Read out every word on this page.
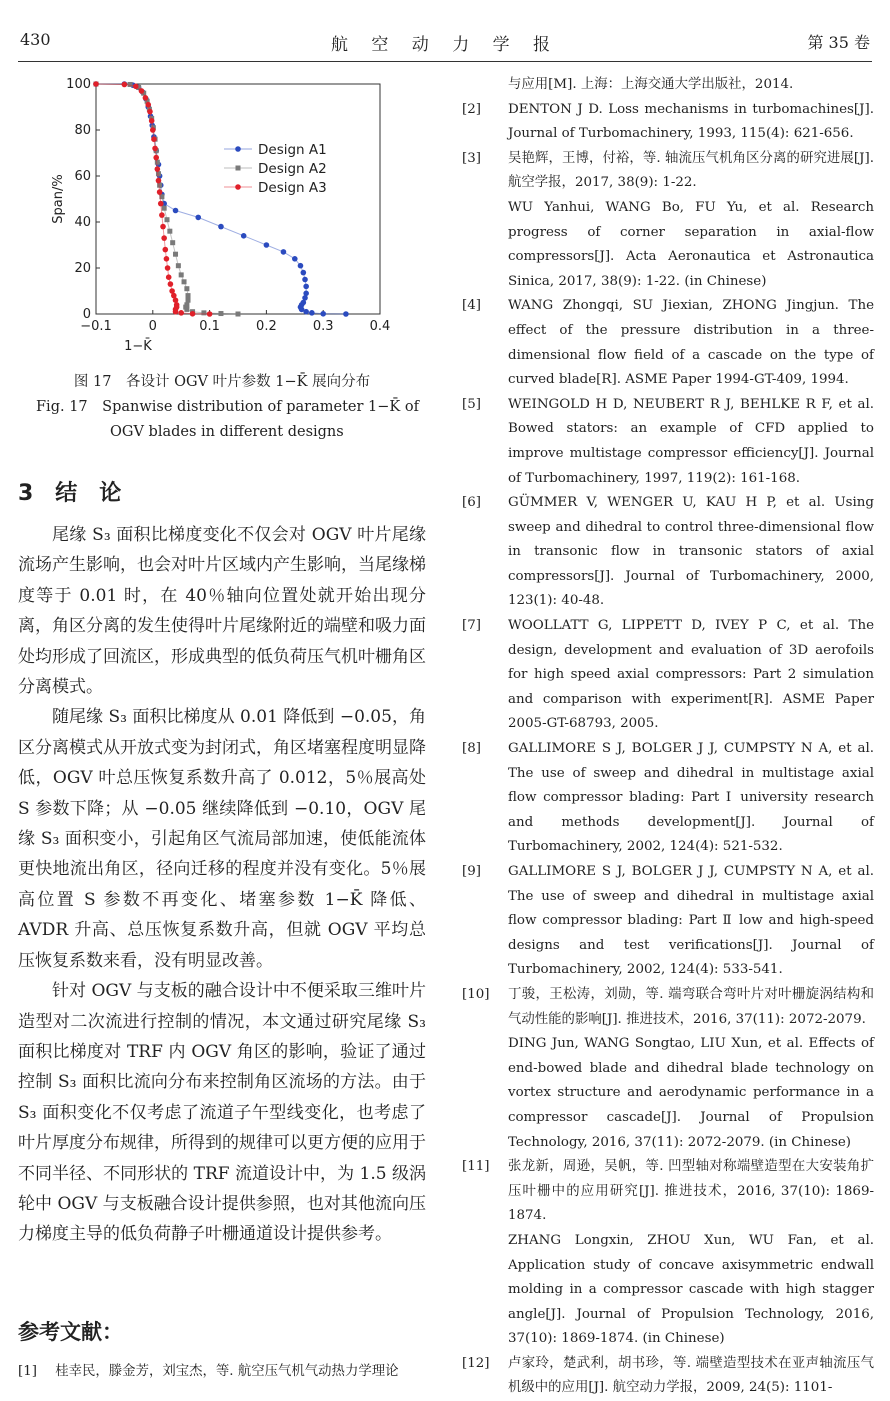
430	航 空 动 力 学 报	第 35 卷
−0.1	0	0.1	0.2	0.3	0.4
0
20
40
60
80
100
1−K̄
Span/%
Design A1
Design A2
Design A3
图 17　各设计 OGV 叶片参数 1−K̄ 展向分布
Fig. 17　Spanwise distribution of parameter 1−K̄ of
OGV blades in different designs
3　结　论

尾缘 S₃ 面积比梯度变化不仅会对 OGV 叶片尾缘流场产生影响，也会对叶片区域内产生影响，当尾缘梯度等于 0.01 时，在 40％轴向位置处就开始出现分离，角区分离的发生使得叶片尾缘附近的端壁和吸力面处均形成了回流区，形成典型的低负荷压气机叶栅角区分离模式。

随尾缘 S₃ 面积比梯度从 0.01 降低到 −0.05，角区分离模式从开放式变为封闭式，角区堵塞程度明显降低，OGV 叶总压恢复系数升高了 0.012，5％展高处 S 参数下降；从 −0.05 继续降低到 −0.10，OGV 尾缘 S₃ 面积变小，引起角区气流局部加速，使低能流体更快地流出角区，径向迁移的程度并没有变化。5％展高位置 S 参数不再变化、堵塞参数 1−K̄ 降低、AVDR 升高、总压恢复系数升高，但就 OGV 平均总压恢复系数来看，没有明显改善。

针对 OGV 与支板的融合设计中不便采取三维叶片造型对二次流进行控制的情况，本文通过研究尾缘 S₃ 面积比梯度对 TRF 内 OGV 角区的影响，验证了通过控制 S₃ 面积比流向分布来控制角区流场的方法。由于 S₃ 面积变化不仅考虑了流道子午型线变化，也考虑了叶片厚度分布规律，所得到的规律可以更方便的应用于不同半径、不同形状的 TRF 流道设计中，为 1.5 级涡轮中 OGV 与支板融合设计提供参照，也对其他流向压力梯度主导的低负荷静子叶栅通道设计提供参考。

参考文献：
[1] 桂幸民，滕金芳，刘宝杰，等. 航空压气机气动热力学理论
与应用[M]. 上海：上海交通大学出版社，2014.
[2]	DENTON J D. Loss mechanisms in turbomachines[J]. Journal of Turbomachinery, 1993, 115(4): 621-656.
[3]	吴艳辉，王博，付裕，等. 轴流压气机角区分离的研究进展[J]. 航空学报，2017, 38(9): 1-22.
WU Yanhui, WANG Bo, FU Yu, et al. Research progress of corner separation in axial-flow compressors[J]. Acta Aeronautica et Astronautica Sinica, 2017, 38(9): 1-22. (in Chinese)
[4]	WANG Zhongqi, SU Jiexian, ZHONG Jingjun. The effect of the pressure distribution in a three-dimensional flow field of a cascade on the type of curved blade[R]. ASME Paper 1994-GT-409, 1994.
[5]	WEINGOLD H D, NEUBERT R J, BEHLKE R F, et al. Bowed stators: an example of CFD applied to improve multistage compressor efficiency[J]. Journal of Turbomachinery, 1997, 119(2): 161-168.
[6]	GÜMMER V, WENGER U, KAU H P, et al. Using sweep and dihedral to control three-dimensional flow in transonic flow in transonic stators of axial compressors[J]. Journal of Turbomachinery, 2000, 123(1): 40-48.
[7]	WOOLLATT G, LIPPETT D, IVEY P C, et al. The design, development and evaluation of 3D aerofoils for high speed axial compressors: Part 2 simulation and comparison with experiment[R]. ASME Paper 2005-GT-68793, 2005.
[8]	GALLIMORE S J, BOLGER J J, CUMPSTY N A, et al. The use of sweep and dihedral in multistage axial flow compressor blading: Part Ⅰ university research and methods development[J]. Journal of Turbomachinery, 2002, 124(4): 521-532.
[9]	GALLIMORE S J, BOLGER J J, CUMPSTY N A, et al. The use of sweep and dihedral in multistage axial flow compressor blading: Part Ⅱ low and high-speed designs and test verifications[J]. Journal of Turbomachinery, 2002, 124(4): 533-541.
[10]	丁骏，王松涛，刘勋，等. 端弯联合弯叶片对叶栅旋涡结构和气动性能的影响[J]. 推进技术，2016, 37(11): 2072-2079.
DING Jun, WANG Songtao, LIU Xun, et al. Effects of end-bowed blade and dihedral blade technology on vortex structure and aerodynamic performance in a compressor cascade[J]. Journal of Propulsion Technology, 2016, 37(11): 2072-2079. (in Chinese)
[11]	张龙新，周逊，吴帆，等. 凹型轴对称端壁造型在大安装角扩压叶栅中的应用研究[J]. 推进技术，2016, 37(10): 1869-1874.
ZHANG Longxin, ZHOU Xun, WU Fan, et al. Application study of concave axisymmetric endwall molding in a compressor cascade with high stagger angle[J]. Journal of Propulsion Technology, 2016, 37(10): 1869-1874. (in Chinese)
[12]	卢家玲，楚武利，胡书珍，等. 端壁造型技术在亚声轴流压气机级中的应用[J]. 航空动力学报，2009, 24(5): 1101-
